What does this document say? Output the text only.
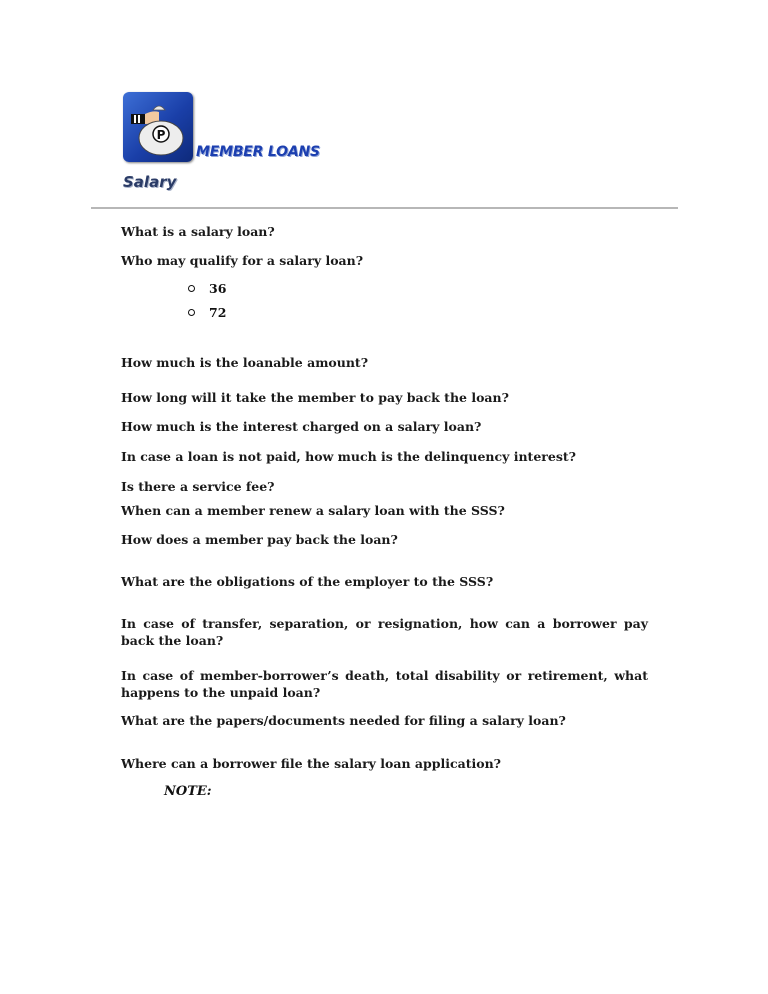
P
MEMBER LOANS
Salary
What is a salary loan?
Who may qualify for a salary loan?
36
72
How much is the loanable amount?
How long will it take the member to pay back the loan?
How much is the interest charged on a salary loan?
In case a loan is not paid, how much is the delinquency interest?
Is there a service fee?
When can a member renew a salary loan with the SSS?
How does a member pay back the loan?
What are the obligations of the employer to the SSS?
In case of transfer, separation, or resignation, how can a borrower pay back the loan?
In case of member-borrower’s death, total disability or retirement, what happens to the unpaid loan?
What are the papers/documents needed for filing a salary loan?
Where can a borrower file the salary loan application?
NOTE:
